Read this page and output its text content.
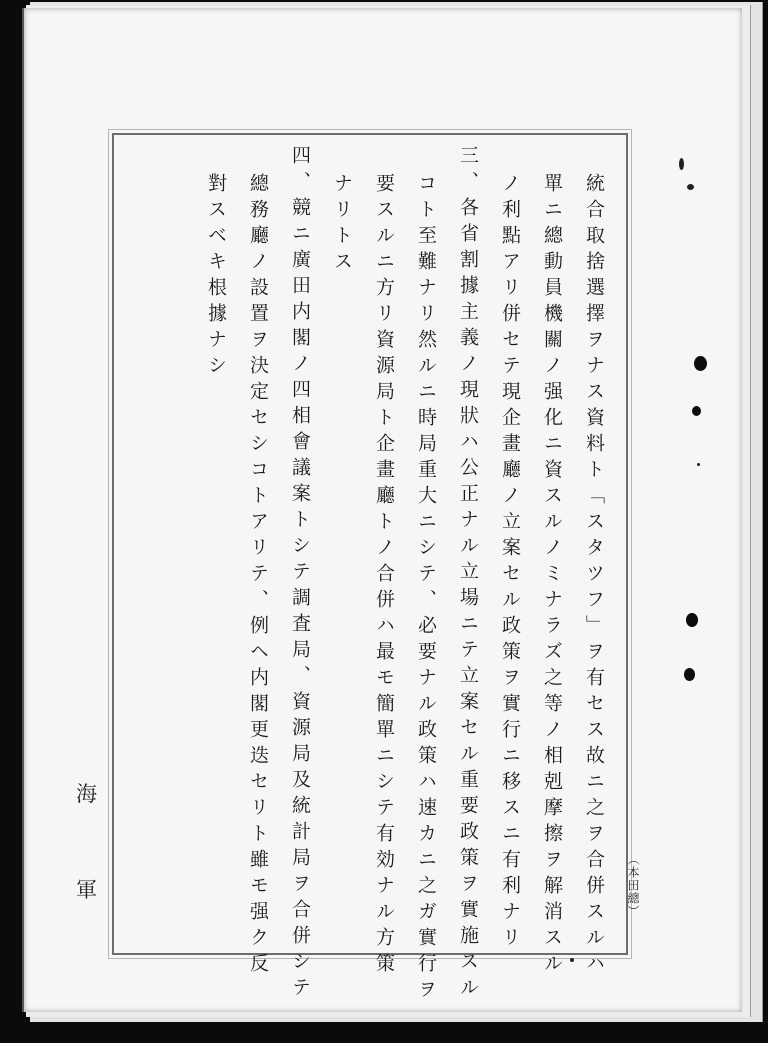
統合取捨選擇ヲナス資料ト「スタツフ」ヲ有セス故ニ之ヲ合併スルハ
單ニ總動員機關ノ强化ニ資スルノミナラズ之等ノ相剋摩擦ヲ解消スル
ノ利點アリ併セテ現企畫廳ノ立案セル政策ヲ實行ニ移スニ有利ナリ
三、各省割據主義ノ現狀ハ公正ナル立場ニテ立案セル重要政策ヲ實施スル
コト至難ナリ然ルニ時局重大ニシテ、必要ナル政策ハ速カニ之ガ實行ヲ
要スルニ方リ資源局ト企畫廳トノ合併ハ最モ簡單ニシテ有効ナル方策
ナリトス
四、競ニ廣田内閣ノ四相會議案トシテ調査局、資源局及統計局ヲ合併シテ
總務廳ノ設置ヲ決定セシコトアリテ、例ヘ内閣更迭セリト雖モ强ク反
對スベキ根據ナシ
（本田總）
海
軍
